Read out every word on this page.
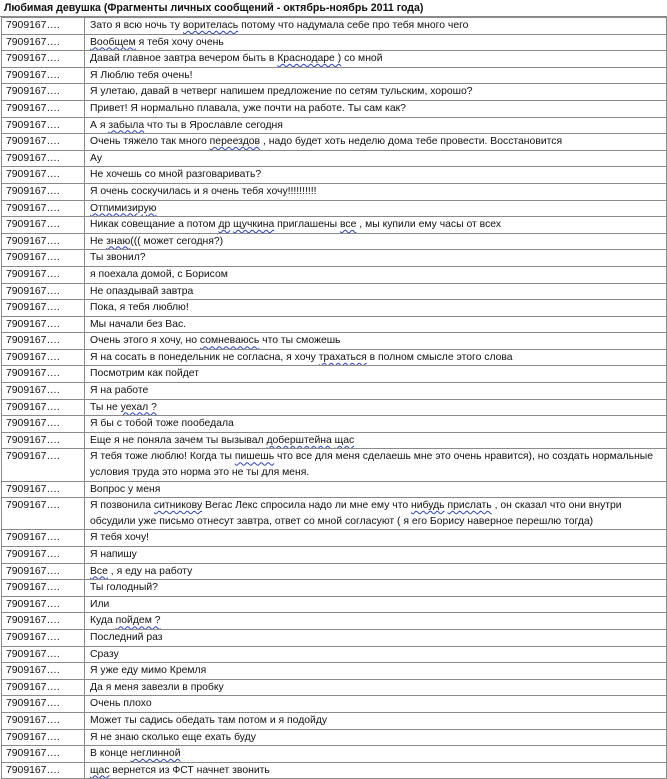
Любимая девушка (Фрагменты личных сообщений - октябрь-ноябрь 2011 года)
7909167….	Зато я всю ночь ту ворителась потому что надумала себе про тебя много чего
7909167….	Вообщем я тебя хочу очень
7909167….	Давай главное завтра вечером быть в Краснодаре ) со мной
7909167….	Я Люблю тебя очень!
7909167….	Я улетаю, давай в четверг напишем предложение по сетям тульским, хорошо?
7909167….	Привет! Я нормально плавала, уже почти на работе. Ты сам как?
7909167….	А я забыла что ты в Ярославле сегодня
7909167….	Очень тяжело так много переездов , надо будет хоть неделю дома тебе провести. Восстановится
7909167….	Ау
7909167….	Не хочешь со мной разговаривать?
7909167….	Я очень соскучилась и я очень тебя хочу!!!!!!!!!!
7909167….	Отпимизирую
7909167….	Никак совещание а потом др щучкина приглашены все , мы купили ему часы от всех
7909167….	Не знаю((( может сегодня?)
7909167….	Ты звонил?
7909167….	я поехала домой, с Борисом
7909167….	Не опаздывай завтра
7909167….	Пока, я тебя люблю!
7909167….	Мы начали без Вас.
7909167….	Очень этого я хочу, но сомневаюсь что ты сможешь
7909167….	Я на сосать в понедельник не согласна, я хочу трахаться в полном смысле этого слова
7909167….	Посмотрим как пойдет
7909167….	Я на работе
7909167….	Ты не уехал ?
7909167….	Я бы с тобой тоже пообедала
7909167….	Еще я не поняла зачем ты вызывал доберштейна щас
7909167….	Я тебя тоже люблю! Когда ты пишешь что все для меня сделаешь мне это очень нравится), но создать нормальные условия труда это норма это не ты для меня.
7909167….	Вопрос у меня
7909167….	Я позвонила ситникову Вегас Лекс спросила надо ли мне ему что нибудь прислать , он сказал что они внутри обсудили уже письмо отнесут завтра, ответ со мной согласуют ( я его Борису наверное перешлю тогда)
7909167….	Я тебя хочу!
7909167….	Я напишу
7909167….	Все , я еду на работу
7909167….	Ты голодный?
7909167….	Или
7909167….	Куда пойдем ?
7909167….	Последний раз
7909167….	Сразу
7909167….	Я уже еду мимо Кремля
7909167….	Да я меня завезли в пробку
7909167….	Очень плохо
7909167….	Может ты садись обедать там потом и я подойду
7909167….	Я не знаю сколько еще ехать буду
7909167….	В конце неглинной
7909167….	щас вернется из ФСТ начнет звонить
